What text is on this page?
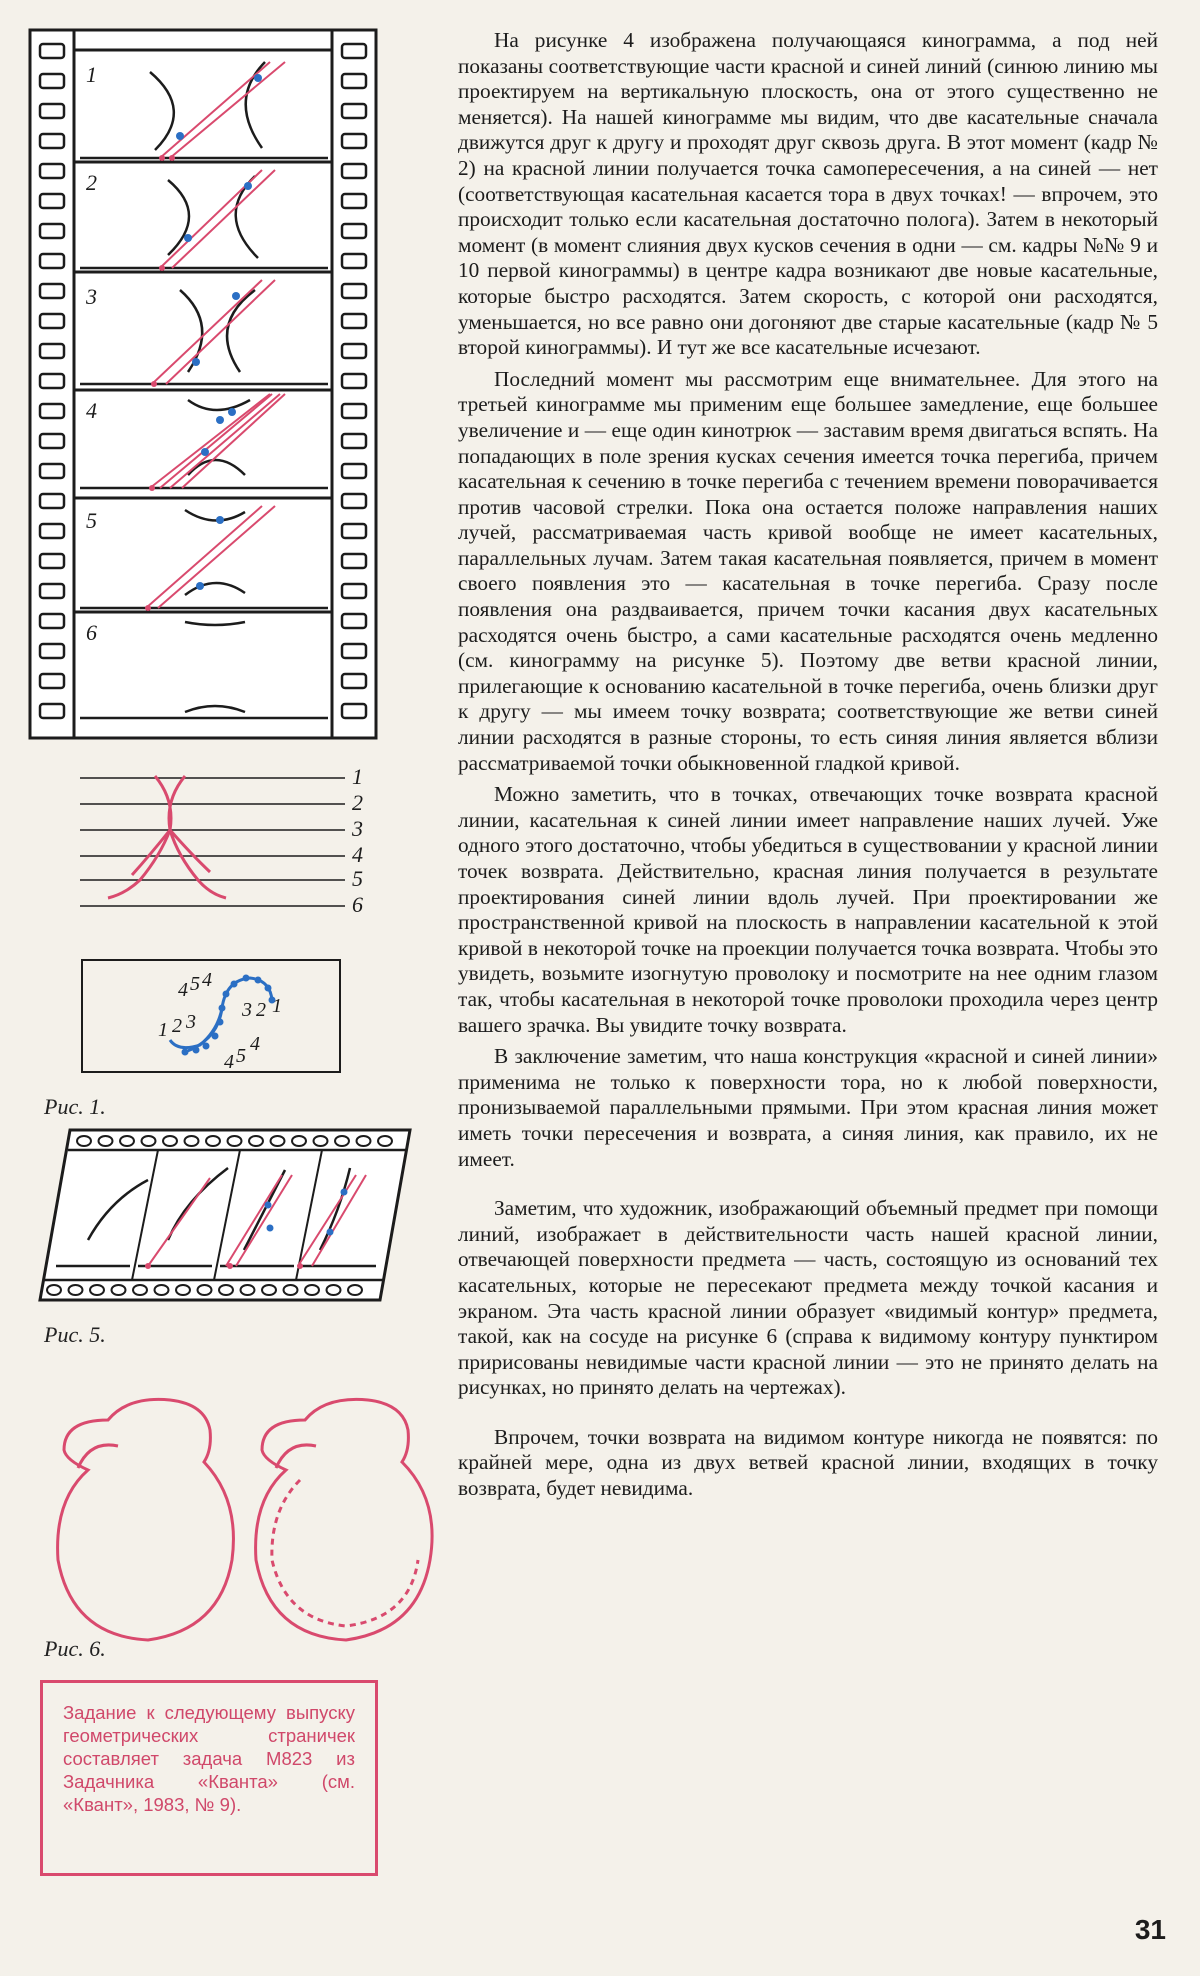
1
2
3
4
5
6
1
2
3
4
5
6
4 5 4
1 2 3
3 2 1
4 5
4
Рис. 1.
Рис. 5.
Рис. 6.
Задание к следующему выпуску геометрических страничек составляет задача М823 из Задачника «Кванта» (см. «Квант», 1983, № 9).

На рисунке 4 изображена получающаяся кинограмма, а под ней показаны соответствующие части красной и синей линий (синюю линию мы проектируем на вертикальную плоскость, она от этого существенно не меняется). На нашей кинограмме мы видим, что две касательные сначала движутся друг к другу и проходят друг сквозь друга. В этот момент (кадр № 2) на красной линии получается точка самопересечения, а на синей — нет (соответствующая касательная касается тора в двух точках! — впрочем, это происходит только если касательная достаточно полога). Затем в некоторый момент (в момент слияния двух кусков сечения в одни — см. кадры №№ 9 и 10 первой кинограммы) в центре кадра возникают две новые касательные, которые быстро расходятся. Затем скорость, с которой они расходятся, уменьшается, но все равно они догоняют две старые касательные (кадр № 5 второй кинограммы). И тут же все касательные исчезают.

Последний момент мы рассмотрим еще внимательнее. Для этого на третьей кинограмме мы применим еще большее замедление, еще большее увеличение и — еще один кинотрюк — заставим время двигаться вспять. На попадающих в поле зрения кусках сечения имеется точка перегиба, причем касательная к сечению в точке перегиба с течением времени поворачивается против часовой стрелки. Пока она остается положе направления наших лучей, рассматриваемая часть кривой вообще не имеет касательных, параллельных лучам. Затем такая касательная появляется, причем в момент своего появления это — касательная в точке перегиба. Сразу после появления она раздваивается, причем точки касания двух касательных расходятся очень быстро, а сами касательные расходятся очень медленно (см. кинограмму на рисунке 5). Поэтому две ветви красной линии, прилегающие к основанию касательной в точке перегиба, очень близки друг к другу — мы имеем точку возврата; соответствующие же ветви синей линии расходятся в разные стороны, то есть синяя линия является вблизи рассматриваемой точки обыкновенной гладкой кривой.

Можно заметить, что в точках, отвечающих точке возврата красной линии, касательная к синей линии имеет направление наших лучей. Уже одного этого достаточно, чтобы убедиться в существовании у красной линии точек возврата. Действительно, красная линия получается в результате проектирования синей линии вдоль лучей. При проектировании же пространственной кривой на плоскость в направлении касательной к этой кривой в некоторой точке на проекции получается точка возврата. Чтобы это увидеть, возьмите изогнутую проволоку и посмотрите на нее одним глазом так, чтобы касательная в некоторой точке проволоки проходила через центр вашего зрачка. Вы увидите точку возврата.

В заключение заметим, что наша конструкция «красной и синей линии» применима не только к поверхности тора, но к любой поверхности, пронизываемой параллельными прямыми. При этом красная линия может иметь точки пересечения и возврата, а синяя линия, как правило, их не имеет.

Заметим, что художник, изображающий объемный предмет при помощи линий, изображает в действительности часть нашей красной линии, отвечающей поверхности предмета — часть, состоящую из оснований тех касательных, которые не пересекают предмета между точкой касания и экраном. Эта часть красной линии образует «видимый контур» предмета, такой, как на сосуде на рисунке 6 (справа к видимому контуру пунктиром пририсованы невидимые части красной линии — это не принято делать на рисунках, но принято делать на чертежах).

Впрочем, точки возврата на видимом контуре никогда не появятся: по крайней мере, одна из двух ветвей красной линии, входящих в точку возврата, будет невидима.

31
